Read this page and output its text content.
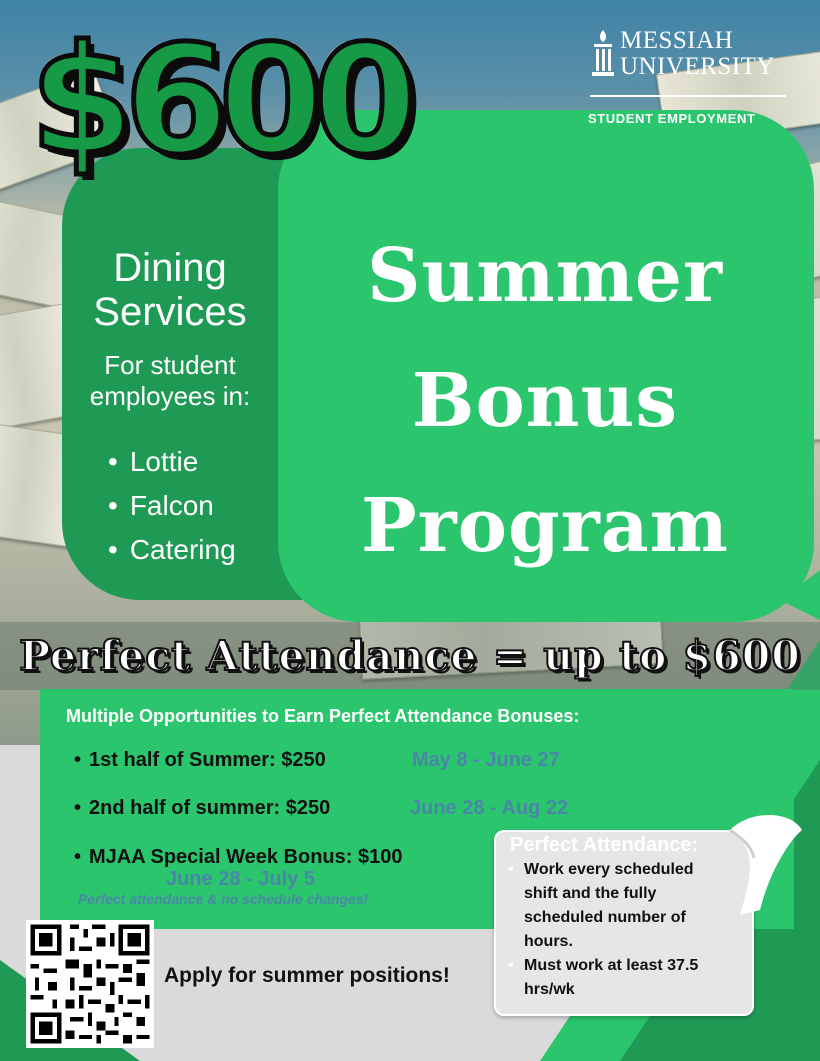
$600	MESSIAH
UNIVERSITY
STUDENT EMPLOYMENT
Dining Services
For student employees in:
• Lottie
• Falcon
• Catering
Summer
Bonus
Program
Perfect Attendance = up to $600
Multiple Opportunities to Earn Perfect Attendance Bonuses:
• 1st half of Summer: $250	May 8 - June 27
• 2nd half of summer: $250	June 28 - Aug 22
• MJAA Special Week Bonus: $100
June 28 - July 5
Perfect attendance & no schedule changes!
Apply for summer positions!
Perfect Attendance:
• Work every scheduled shift and the fully scheduled number of hours.
• Must work at least 37.5 hrs/wk
